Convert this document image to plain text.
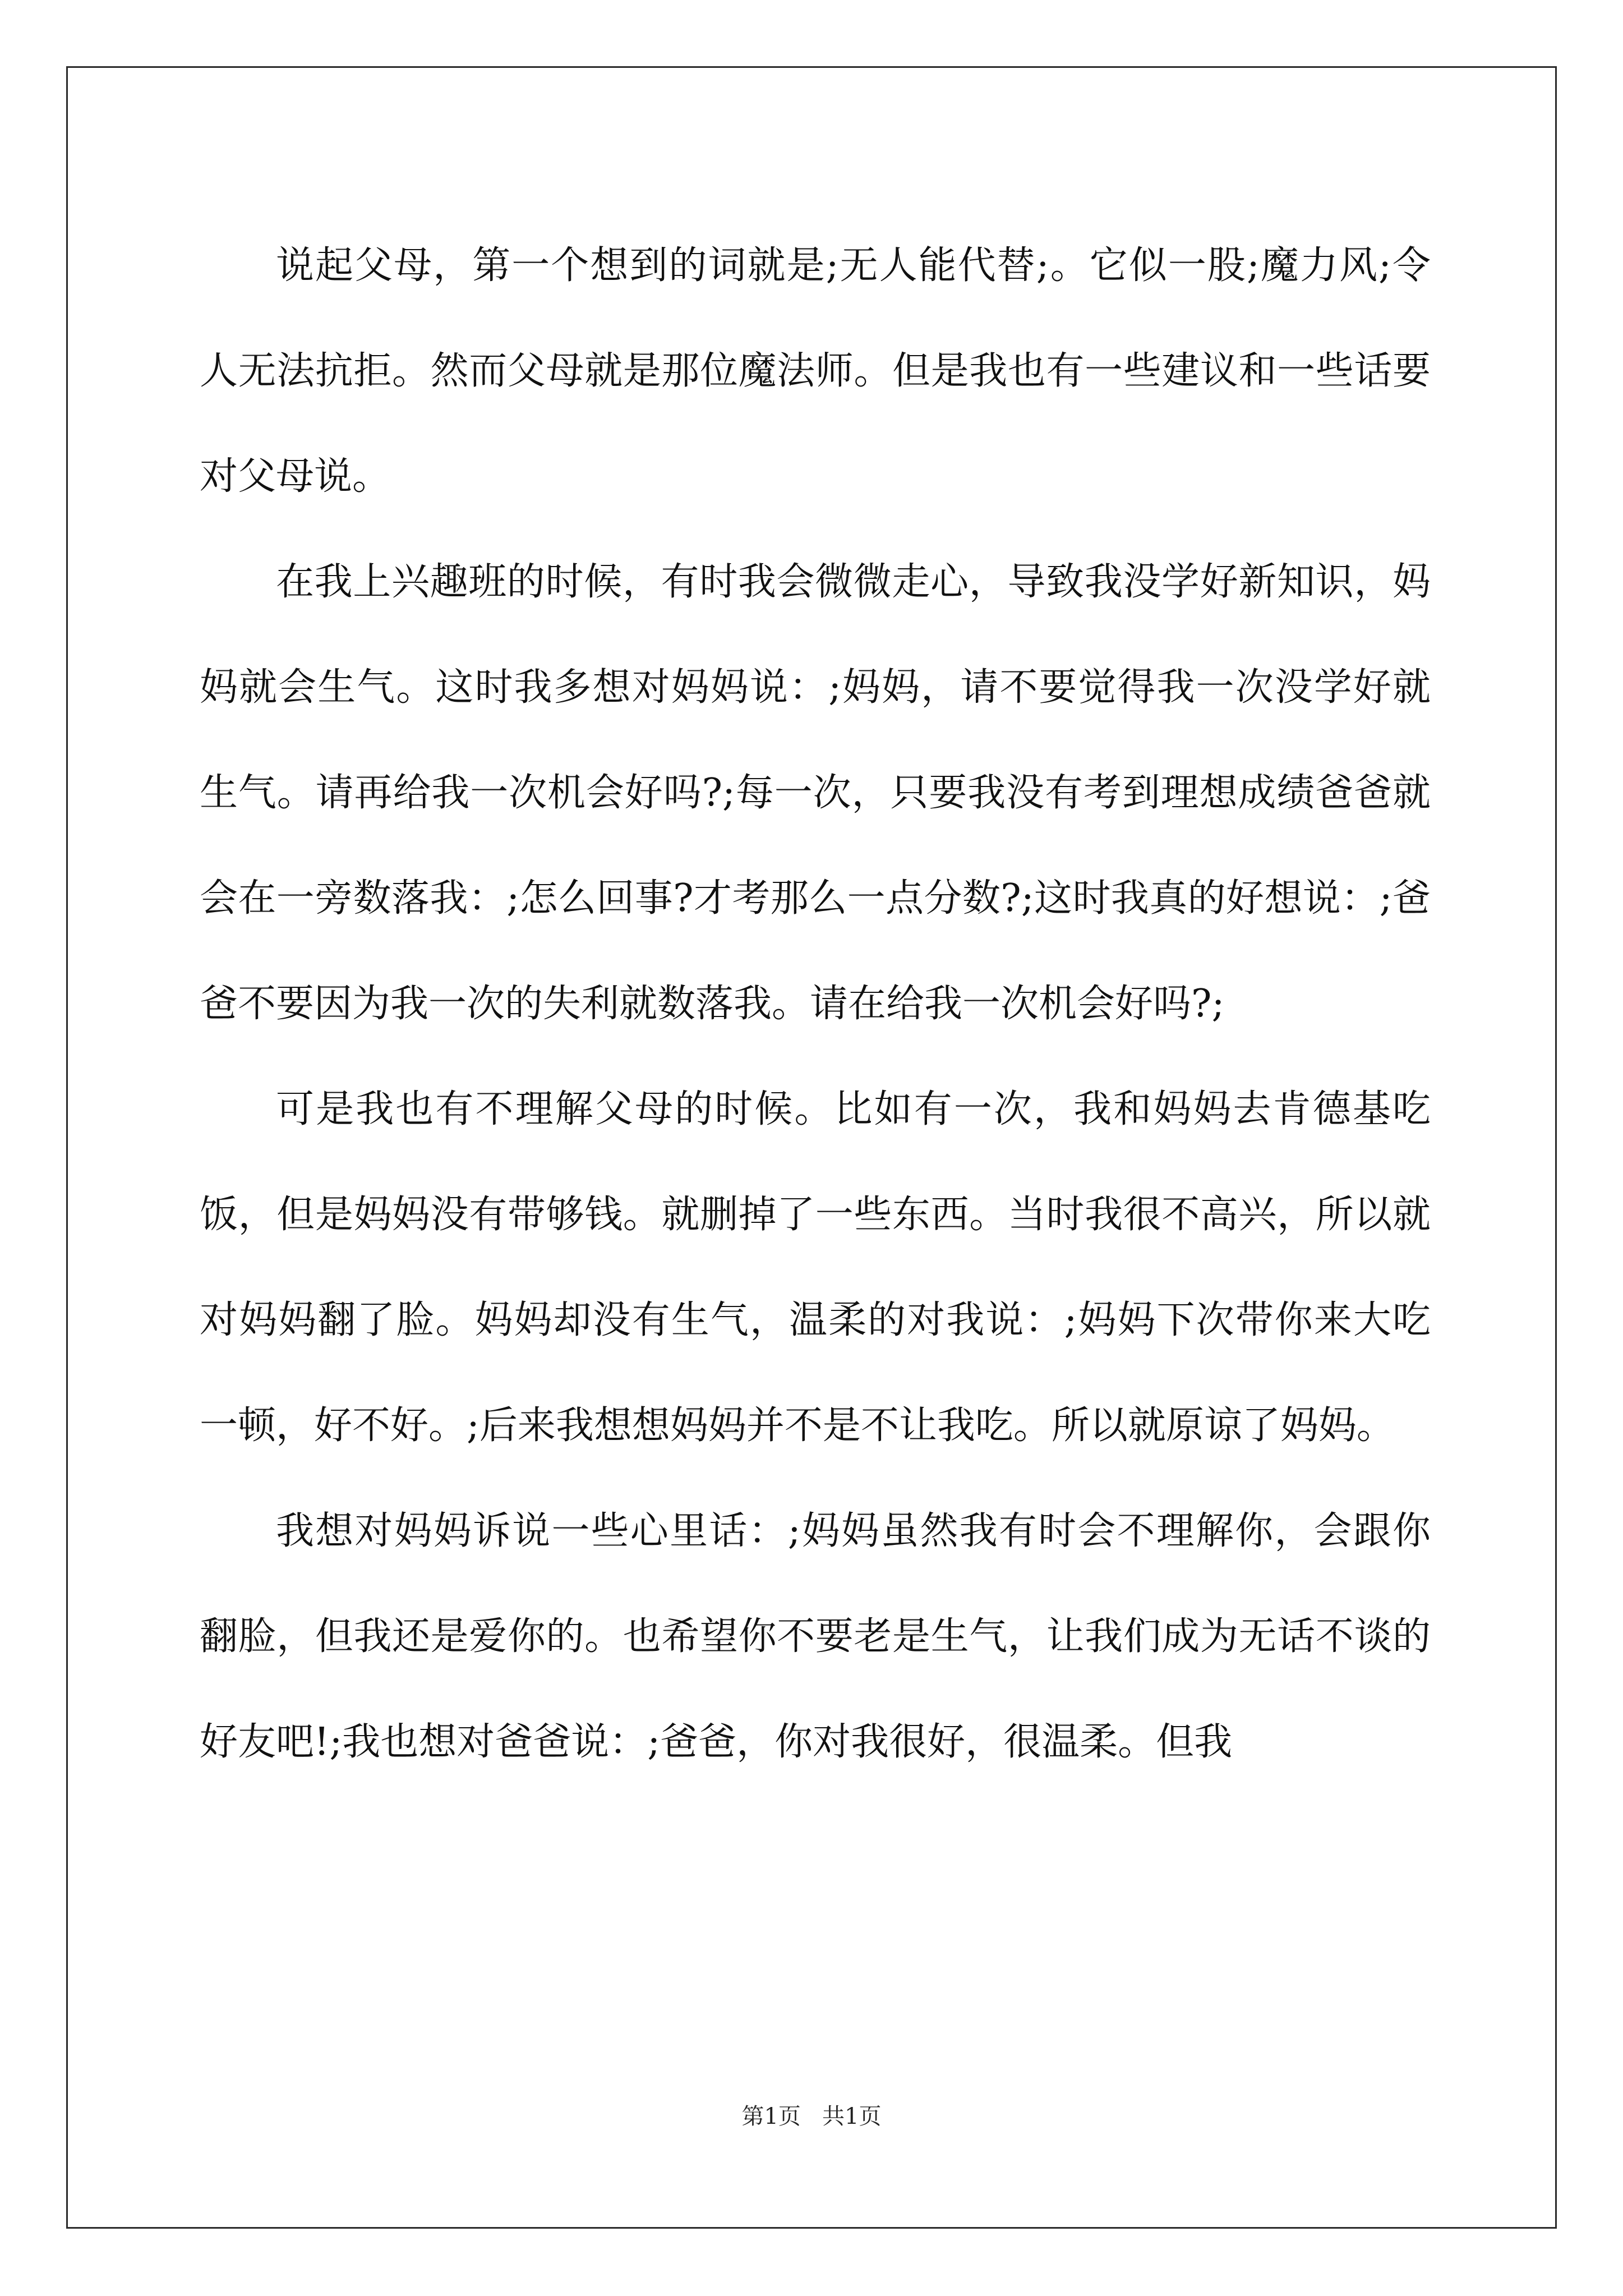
说起父母，第一个想到的词就是;无人能代替;。它似一股;魔力风;令人无法抗拒。然而父母就是那位魔法师。但是我也有一些建议和一些话要对父母说。

在我上兴趣班的时候，有时我会微微走心，导致我没学好新知识，妈妈就会生气。这时我多想对妈妈说：;妈妈，请不要觉得我一次没学好就生气。请再给我一次机会好吗?;每一次，只要我没有考到理想成绩爸爸就会在一旁数落我：;怎么回事?才考那么一点分数?;这时我真的好想说：;爸爸不要因为我一次的失利就数落我。请在给我一次机会好吗?;

可是我也有不理解父母的时候。比如有一次，我和妈妈去肯德基吃饭，但是妈妈没有带够钱。就删掉了一些东西。当时我很不高兴，所以就对妈妈翻了脸。妈妈却没有生气，温柔的对我说：;妈妈下次带你来大吃一顿，好不好。;后来我想想妈妈并不是不让我吃。所以就原谅了妈妈。

我想对妈妈诉说一些心里话：;妈妈虽然我有时会不理解你，会跟你翻脸，但我还是爱你的。也希望你不要老是生气，让我们成为无话不谈的好友吧!;我也想对爸爸说：;爸爸，你对我很好，很温柔。但我

第1页   共1页
